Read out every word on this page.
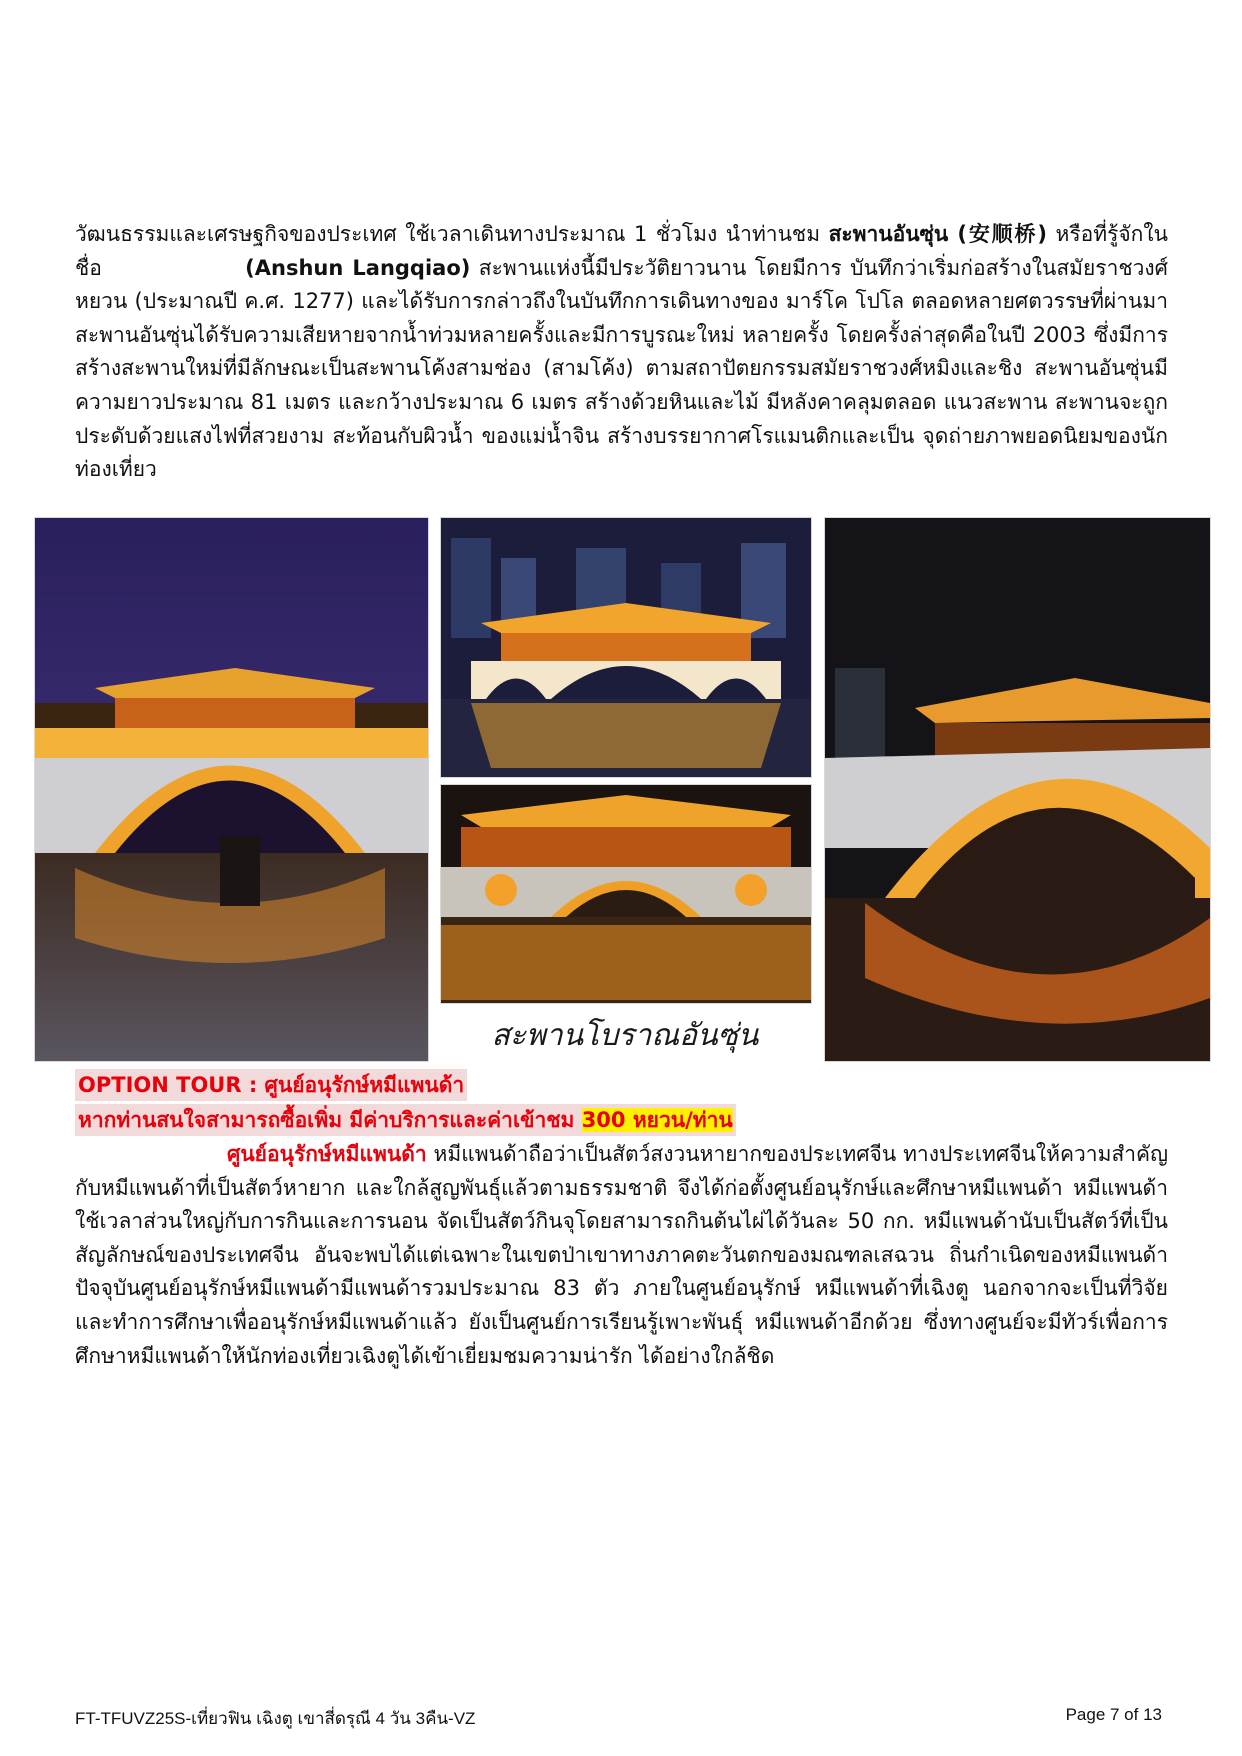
วัฒนธรรมและเศรษฐกิจของประเทศ ใช้เวลาเดินทางประมาณ 1 ชั่วโมง นำท่านชม สะพานอันซุ่น (安顺桥) หรือที่รู้จักในชื่อ	(Anshun Langqiao) สะพานแห่งนี้มีประวัติยาวนาน โดยมีการ บันทึกว่าเริ่มก่อสร้างในสมัยราชวงศ์หยวน (ประมาณปี ค.ศ. 1277) และได้รับการกล่าวถึงในบันทึกการเดินทางของ มาร์โค โปโล ตลอดหลายศตวรรษที่ผ่านมา สะพานอันซุ่นได้รับความเสียหายจากน้ำท่วมหลายครั้งและมีการบูรณะใหม่ หลายครั้ง โดยครั้งล่าสุดคือในปี 2003 ซึ่งมีการสร้างสะพานใหม่ที่มีลักษณะเป็นสะพานโค้งสามช่อง (สามโค้ง) ตามสถาปัตยกรรมสมัยราชวงศ์หมิงและชิง สะพานอันซุ่นมีความยาวประมาณ 81 เมตร และกว้างประมาณ 6 เมตร สร้างด้วยหินและไม้ มีหลังคาคลุมตลอด แนวสะพาน สะพานจะถูกประดับด้วยแสงไฟที่สวยงาม สะท้อนกับผิวน้ำ ของแม่น้ำจิน สร้างบรรยากาศโรแมนติกและเป็น จุดถ่ายภาพยอดนิยมของนักท่องเที่ยว

สะพานโบราณอันซุ่น
OPTION TOUR : ศูนย์อนุรักษ์หมีแพนด้า
หากท่านสนใจสามารถซื้อเพิ่ม มีค่าบริการและค่าเข้าชม 300 หยวน/ท่าน

ศูนย์อนุรักษ์หมีแพนด้า หมีแพนด้าถือว่าเป็นสัตว์สงวนหายากของประเทศจีน ทางประเทศจีนให้ความสำคัญกับหมีแพนด้าที่เป็นสัตว์หายาก และใกล้สูญพันธุ์แล้วตามธรรมชาติ จึงได้ก่อตั้งศูนย์อนุรักษ์และศึกษาหมีแพนด้า หมีแพนด้าใช้เวลาส่วนใหญ่กับการกินและการนอน จัดเป็นสัตว์กินจุโดยสามารถกินต้นไผ่ได้วันละ 50 กก. หมีแพนด้านับเป็นสัตว์ที่เป็นสัญลักษณ์ของประเทศจีน อันจะพบได้แต่เฉพาะในเขตป่าเขาทางภาคตะวันตกของมณฑลเสฉวน ถิ่นกำเนิดของหมีแพนด้า ปัจจุบันศูนย์อนุรักษ์หมีแพนด้ามีแพนด้ารวมประมาณ 83 ตัว ภายในศูนย์อนุรักษ์ หมีแพนด้าที่เฉิงตู นอกจากจะเป็นที่วิจัยและทำการศึกษาเพื่ออนุรักษ์หมีแพนด้าแล้ว ยังเป็นศูนย์การเรียนรู้เพาะพันธุ์ หมีแพนด้าอีกด้วย ซึ่งทางศูนย์จะมีทัวร์เพื่อการศึกษาหมีแพนด้าให้นักท่องเที่ยวเฉิงตูได้เข้าเยี่ยมชมความน่ารัก ได้อย่างใกล้ชิด

FT-TFUVZ25S-เที่ยวฟิน เฉิงตู เขาสี่ดรุณี 4 วัน 3คืน-VZ	Page 7 of 13
